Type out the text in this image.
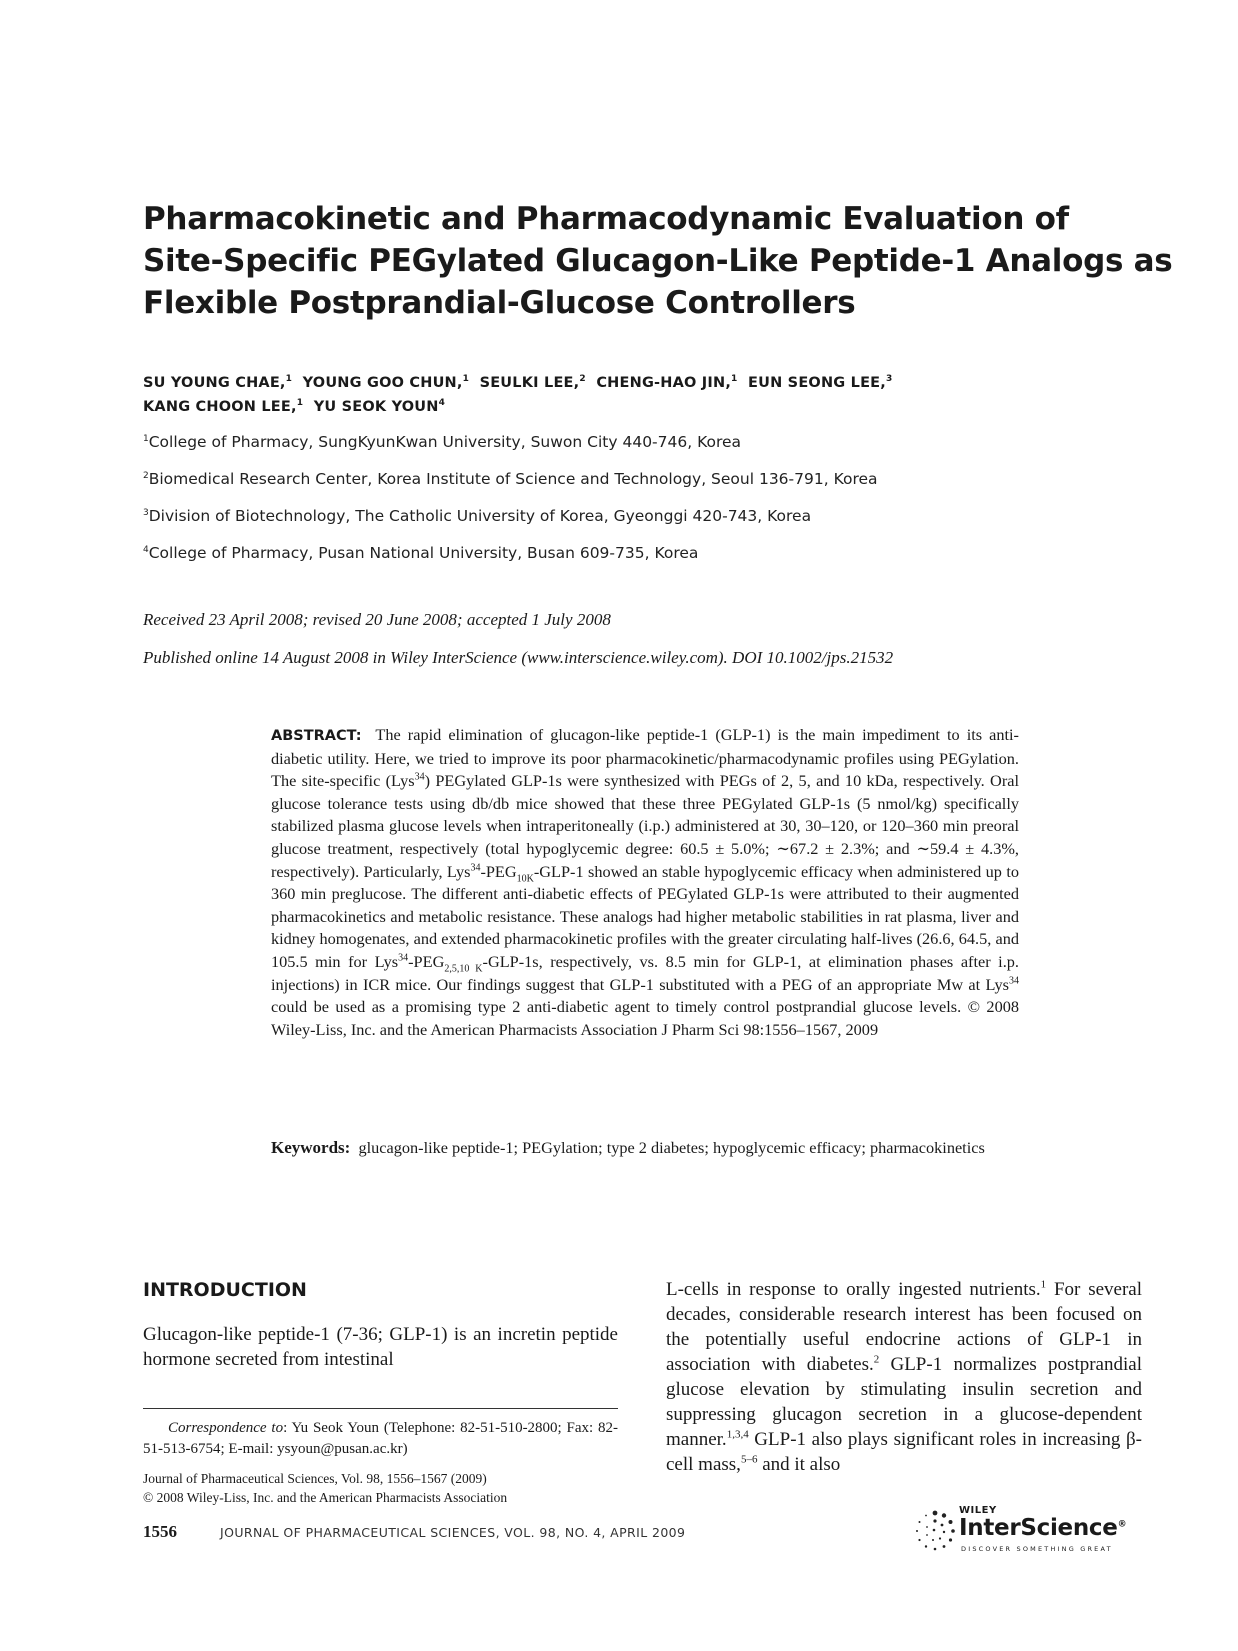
Pharmacokinetic and Pharmacodynamic Evaluation of
Site-Specific PEGylated Glucagon-Like Peptide-1 Analogs as
Flexible Postprandial-Glucose Controllers
SU YOUNG CHAE,$^1$ YOUNG GOO CHUN,$^1$ SEULKI LEE,$^2$ CHENG-HAO JIN,$^1$ EUN SEONG LEE,$^3$
KANG CHOON LEE,$^1$ YU SEOK YOUN$^4$
$^1$College of Pharmacy, SungKyunKwan University, Suwon City 440-746, Korea
$^2$Biomedical Research Center, Korea Institute of Science and Technology, Seoul 136-791, Korea
$^3$Division of Biotechnology, The Catholic University of Korea, Gyeonggi 420-743, Korea
$^4$College of Pharmacy, Pusan National University, Busan 609-735, Korea
Received 23 April 2008; revised 20 June 2008; accepted 1 July 2008
Published online 14 August 2008 in Wiley InterScience (www.interscience.wiley.com). DOI 10.1002/jps.21532
ABSTRACT: The rapid elimination of glucagon-like peptide-1 (GLP-1) is the main impediment to its anti-diabetic utility. Here, we tried to improve its poor pharmacokinetic/pharmacodynamic profiles using PEGylation. The site-specific (Lys$^{34}$) PEGylated GLP-1s were synthesized with PEGs of 2, 5, and 10 kDa, respectively. Oral glucose tolerance tests using db/db mice showed that these three PEGylated GLP-1s (5 nmol/kg) specifically stabilized plasma glucose levels when intraperitoneally (i.p.) administered at 30, 30–120, or 120–360 min preoral glucose treatment, respectively (total hypoglycemic degree: 60.5 ± 5.0%; ∼67.2 ± 2.3%; and ∼59.4 ± 4.3%, respectively). Particularly, $Lys^{34}-PEG_{10K}-GLP-1$ showed an stable hypoglycemic efficacy when administered up to 360 min preglucose. The different anti-diabetic effects of PEGylated GLP-1s were attributed to their augmented pharmacokinetics and metabolic resistance. These analogs had higher metabolic stabilities in rat plasma, liver and kidney homogenates, and extended pharmacokinetic profiles with the greater circulating half-lives (26.6, 64.5, and 105.5 min for $Lys^{34}-PEG_{2,5,10 K}-GLP-1s$, respectively, vs. 8.5 min for GLP-1, at elimination phases after i.p. injections) in ICR mice. Our findings suggest that GLP-1 substituted with a PEG of an appropriate Mw at Lys$^{34}$ could be used as a promising type 2 anti-diabetic agent to timely control postprandial glucose levels. © 2008 Wiley-Liss, Inc. and the American Pharmacists Association J Pharm Sci 98:1556–1567, 2009
Keywords: glucagon-like peptide-1; PEGylation; type 2 diabetes; hypoglycemic efficacy; pharmacokinetics
INTRODUCTION
Glucagon-like peptide-1 (7-36; GLP-1) is an incretin peptide hormone secreted from intestinal
Correspondence to: Yu Seok Youn (Telephone: 82-51-510-2800; Fax: 82-51-513-6754; E-mail: ysyoun@pusan.ac.kr)
Journal of Pharmaceutical Sciences, Vol. 98, 1556–1567 (2009)
© 2008 Wiley-Liss, Inc. and the American Pharmacists Association
L-cells in response to orally ingested nutrients.$^1$ For several decades, considerable research interest has been focused on the potentially useful endocrine actions of GLP-1 in association with diabetes.$^2$ GLP-1 normalizes postprandial glucose elevation by stimulating insulin secretion and suppressing glucagon secretion in a glucose-dependent manner.$^{1,3,4}$ GLP-1 also plays significant roles in increasing β-cell mass,$^{5-6}$ and it also
1556	JOURNAL OF PHARMACEUTICAL SCIENCES, VOL. 98, NO. 4, APRIL 2009
WILEY
InterScience®
DISCOVER SOMETHING GREAT
